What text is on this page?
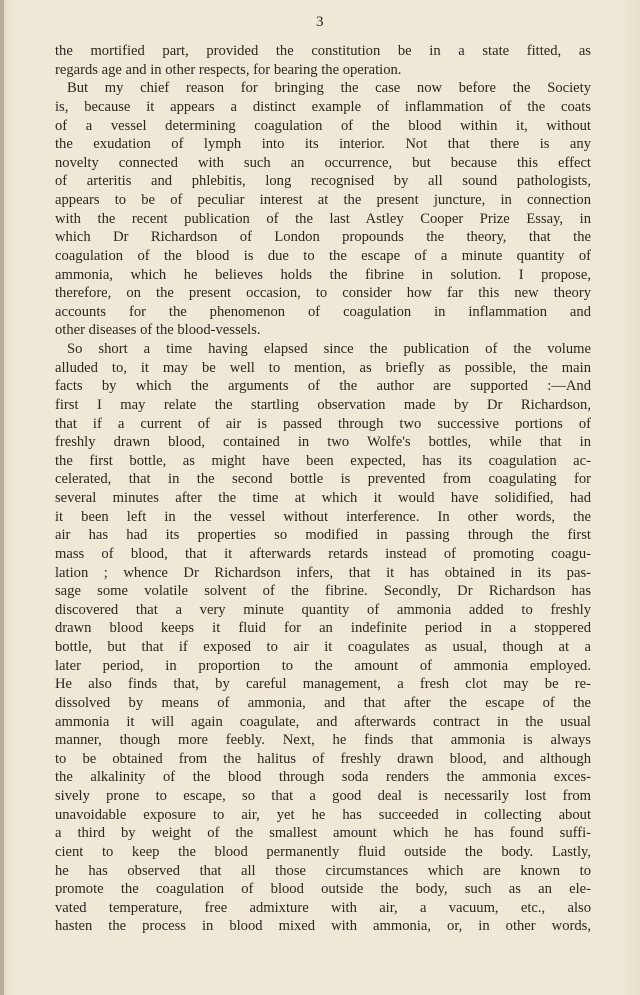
3
the mortified part, provided the constitution be in a state fitted, as
regards age and in other respects, for bearing the operation.
But my chief reason for bringing the case now before the Society
is, because it appears a distinct example of inflammation of the coats
of a vessel determining coagulation of the blood within it, without
the exudation of lymph into its interior. Not that there is any
novelty connected with such an occurrence, but because this effect
of arteritis and phlebitis, long recognised by all sound pathologists,
appears to be of peculiar interest at the present juncture, in connection
with the recent publication of the last Astley Cooper Prize Essay, in
which Dr Richardson of London propounds the theory, that the
coagulation of the blood is due to the escape of a minute quantity of
ammonia, which he believes holds the fibrine in solution. I propose,
therefore, on the present occasion, to consider how far this new theory
accounts for the phenomenon of coagulation in inflammation and
other diseases of the blood-vessels.
So short a time having elapsed since the publication of the volume
alluded to, it may be well to mention, as briefly as possible, the main
facts by which the arguments of the author are supported :—And
first I may relate the startling observation made by Dr Richardson,
that if a current of air is passed through two successive portions of
freshly drawn blood, contained in two Wolfe's bottles, while that in
the first bottle, as might have been expected, has its coagulation ac-
celerated, that in the second bottle is prevented from coagulating for
several minutes after the time at which it would have solidified, had
it been left in the vessel without interference. In other words, the
air has had its properties so modified in passing through the first
mass of blood, that it afterwards retards instead of promoting coagu-
lation ; whence Dr Richardson infers, that it has obtained in its pas-
sage some volatile solvent of the fibrine. Secondly, Dr Richardson has
discovered that a very minute quantity of ammonia added to freshly
drawn blood keeps it fluid for an indefinite period in a stoppered
bottle, but that if exposed to air it coagulates as usual, though at a
later period, in proportion to the amount of ammonia employed.
He also finds that, by careful management, a fresh clot may be re-
dissolved by means of ammonia, and that after the escape of the
ammonia it will again coagulate, and afterwards contract in the usual
manner, though more feebly. Next, he finds that ammonia is always
to be obtained from the halitus of freshly drawn blood, and although
the alkalinity of the blood through soda renders the ammonia exces-
sively prone to escape, so that a good deal is necessarily lost from
unavoidable exposure to air, yet he has succeeded in collecting about
a third by weight of the smallest amount which he has found suffi-
cient to keep the blood permanently fluid outside the body. Lastly,
he has observed that all those circumstances which are known to
promote the coagulation of blood outside the body, such as an ele-
vated temperature, free admixture with air, a vacuum, etc., also
hasten the process in blood mixed with ammonia, or, in other words,
